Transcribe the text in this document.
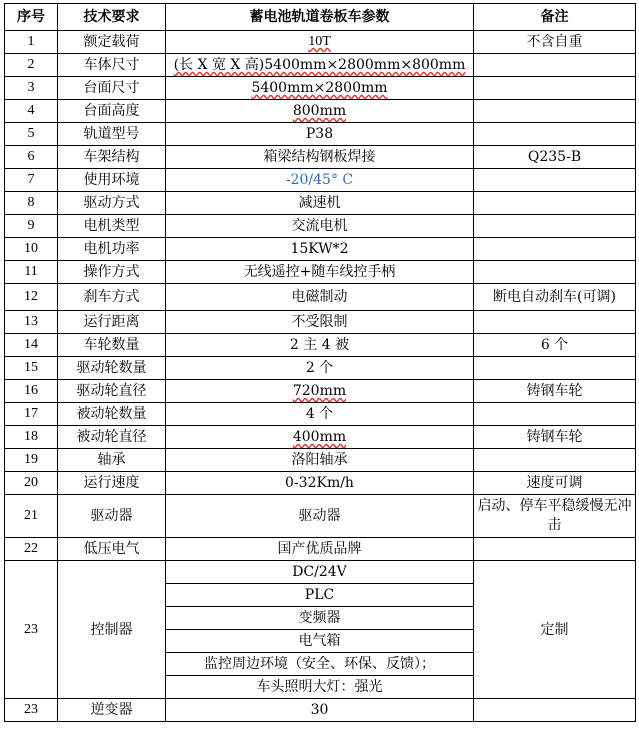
序号	技术要求	蓄电池轨道卷板车参数	备注
1	额定载荷	10T	不含自重
2	车体尺寸	(长 X 宽 X 高)5400mm×2800mm×800mm	
3	台面尺寸	5400mm×2800mm	
4	台面高度	800mm	
5	轨道型号	P38	
6	车架结构	箱梁结构钢板焊接	Q235-B
7	使用环境	-20/45° C	
8	驱动方式	减速机	
9	电机类型	交流电机	
10	电机功率	15KW*2	
11	操作方式	无线遥控+随车线控手柄	
12	刹车方式	电磁制动	断电自动刹车(可调)
13	运行距离	不受限制	
14	车轮数量	2 主 4 被	6 个
15	驱动轮数量	2 个	
16	驱动轮直径	720mm	铸钢车轮
17	被动轮数量	4 个	
18	被动轮直径	400mm	铸钢车轮
19	轴承	洛阳轴承	
20	运行速度	0-32Km/h	速度可调
21	驱动器	驱动器	启动、停车平稳缓慢无冲击
22	低压电气	国产优质品牌	
23	控制器	DC/24V	定制
		PLC	
		变频器	
		电气箱	
		监控周边环境（安全、环保、反馈）；	
		车头照明大灯：强光	
23	逆变器	30	
